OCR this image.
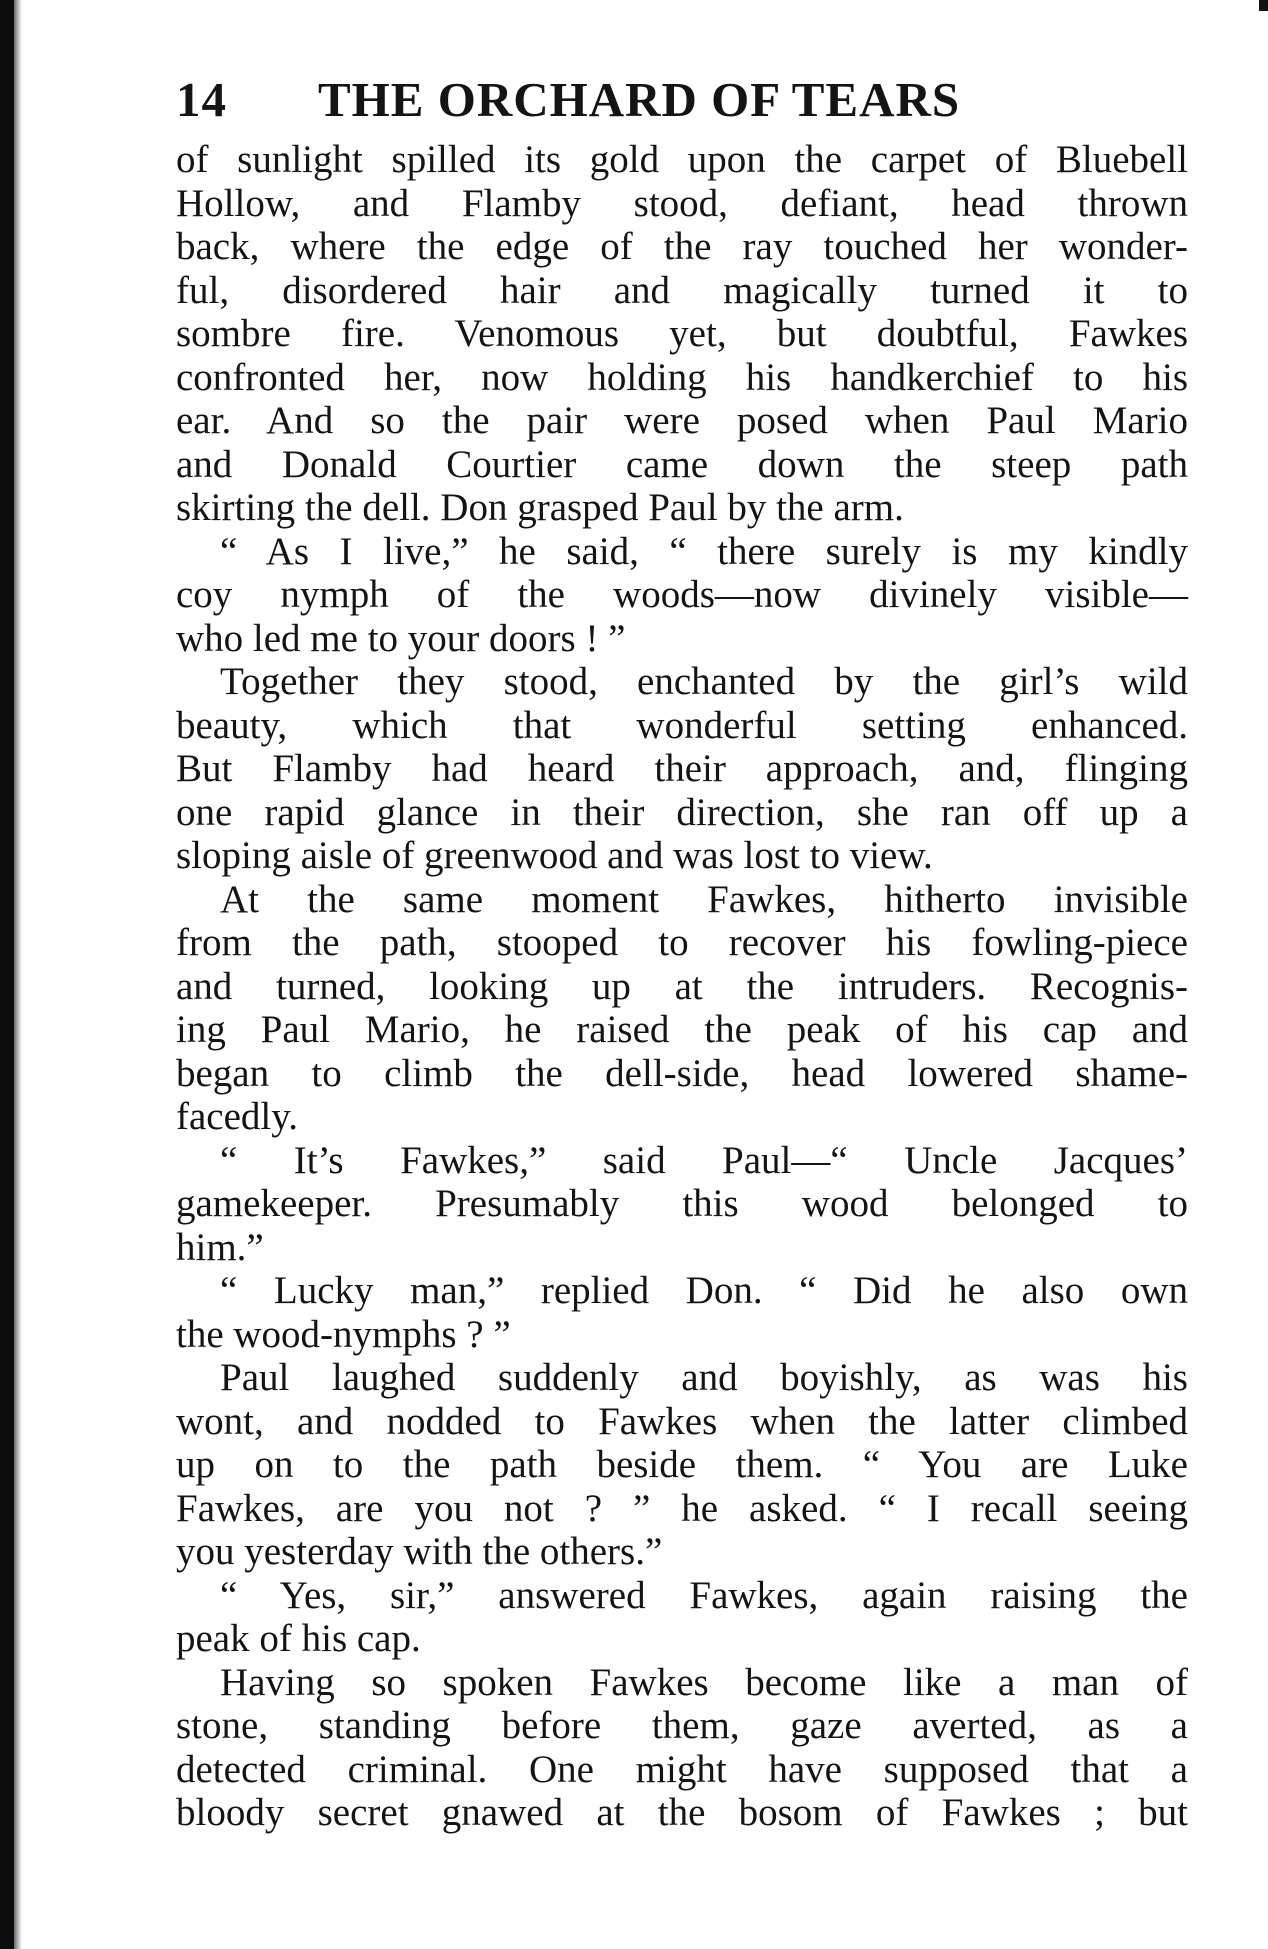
14 THE ORCHARD OF TEARS
of sunlight spilled its gold upon the carpet of Bluebell
Hollow, and Flamby stood, defiant, head thrown
back, where the edge of the ray touched her wonder-
ful, disordered hair and magically turned it to
sombre fire. Venomous yet, but doubtful, Fawkes
confronted her, now holding his handkerchief to his
ear. And so the pair were posed when Paul Mario
and Donald Courtier came down the steep path
skirting the dell. Don grasped Paul by the arm.
“ As I live,” he said, “ there surely is my kindly
coy nymph of the woods—now divinely visible—
who led me to your doors ! ”
Together they stood, enchanted by the girl’s wild
beauty, which that wonderful setting enhanced.
But Flamby had heard their approach, and, flinging
one rapid glance in their direction, she ran off up a
sloping aisle of greenwood and was lost to view.
At the same moment Fawkes, hitherto invisible
from the path, stooped to recover his fowling-piece
and turned, looking up at the intruders. Recognis-
ing Paul Mario, he raised the peak of his cap and
began to climb the dell-side, head lowered shame-
facedly.
“ It’s Fawkes,” said Paul—“ Uncle Jacques’
gamekeeper. Presumably this wood belonged to
him.”
“ Lucky man,” replied Don. “ Did he also own
the wood-nymphs ? ”
Paul laughed suddenly and boyishly, as was his
wont, and nodded to Fawkes when the latter climbed
up on to the path beside them. “ You are Luke
Fawkes, are you not ? ” he asked. “ I recall seeing
you yesterday with the others.”
“ Yes, sir,” answered Fawkes, again raising the
peak of his cap.
Having so spoken Fawkes become like a man of
stone, standing before them, gaze averted, as a
detected criminal. One might have supposed that a
bloody secret gnawed at the bosom of Fawkes ; but
